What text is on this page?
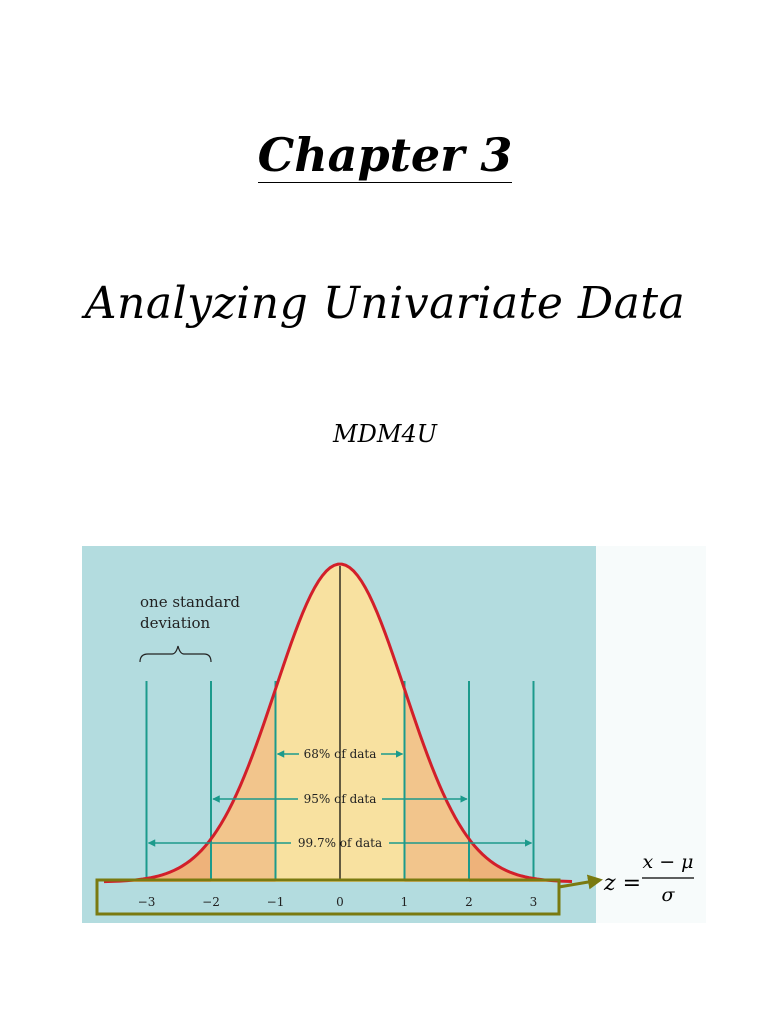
Chapter 3
Analyzing Univariate Data
MDM4U
one standard
deviation
68% of data
95% of data
99.7% of data
−3	−2	−1	0	1	2	3
z =
x − μ
σ
